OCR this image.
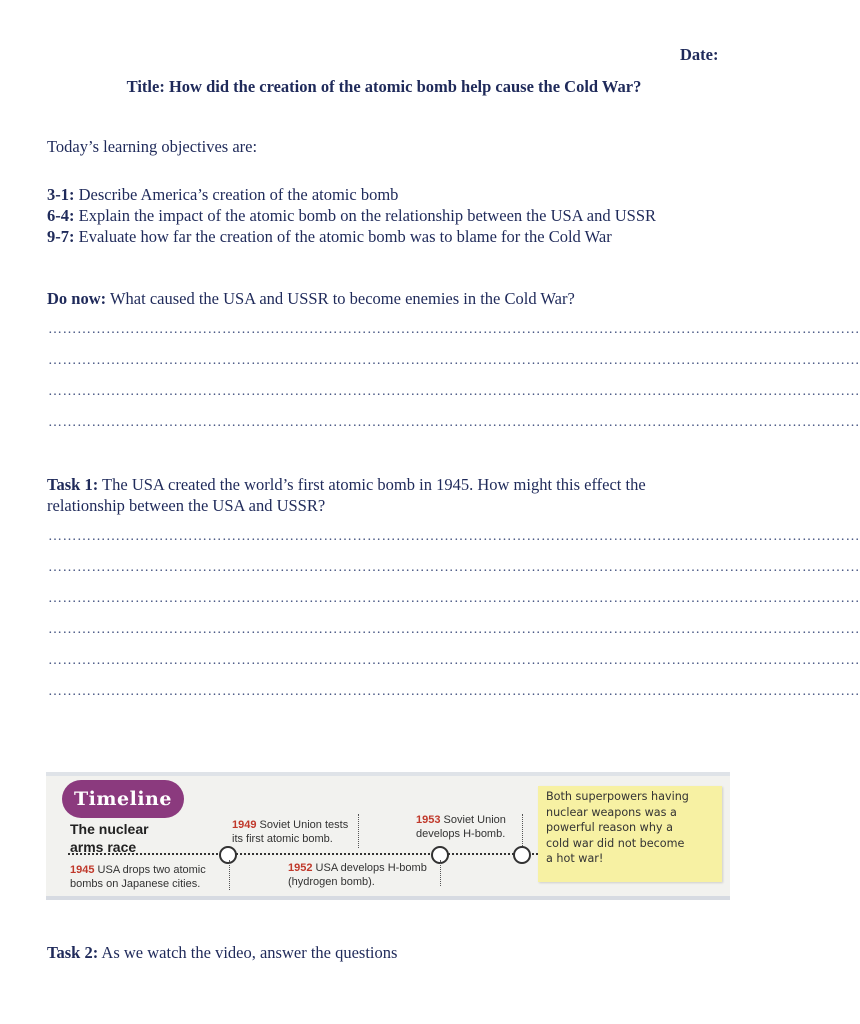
Date:
Title: How did the creation of the atomic bomb help cause the Cold War?
Today’s learning objectives are:
3-1: Describe America’s creation of the atomic bomb
6-4: Explain the impact of the atomic bomb on the relationship between the USA and USSR
9-7: Evaluate how far the creation of the atomic bomb was to blame for the Cold War
Do now: What caused the USA and USSR to become enemies in the Cold War?
……………………………………………………………………………………………………………………………………………………
……………………………………………………………………………………………………………………………………………………
……………………………………………………………………………………………………………………………………………………
……………………………………………………………………………………………………………………………………………………
Task 1: The USA created the world’s first atomic bomb in 1945. How might this effect the
relationship between the USA and USSR?
……………………………………………………………………………………………………………………………………………………
……………………………………………………………………………………………………………………………………………………
……………………………………………………………………………………………………………………………………………………
……………………………………………………………………………………………………………………………………………………
……………………………………………………………………………………………………………………………………………………
……………………………………………………………………………………………………………………………………………………
Timeline
The nuclear
arms race
1945 USA drops two atomic
bombs on Japanese cities.
1949 Soviet Union tests
its first atomic bomb.
1952 USA develops H-bomb
(hydrogen bomb).
1953 Soviet Union
develops H-bomb.
Both superpowers having
nuclear weapons was a
powerful reason why a
cold war did not become
a hot war!
Task 2: As we watch the video, answer the questions
